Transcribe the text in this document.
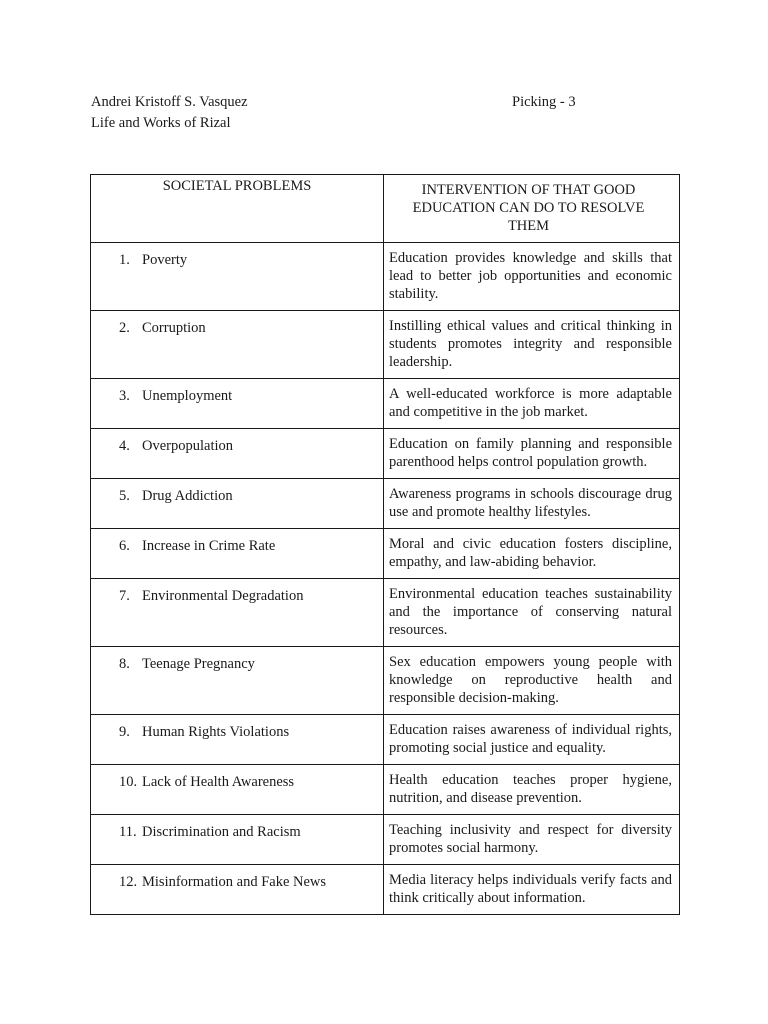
Andrei Kristoff S. Vasquez
Life and Works of Rizal
Picking - 3
SOCIETAL PROBLEMS	INTERVENTION OF THAT GOOD EDUCATION CAN DO TO RESOLVE THEM
1. Poverty	Education provides knowledge and skills that lead to better job opportunities and economic stability.
2. Corruption	Instilling ethical values and critical thinking in students promotes integrity and responsible leadership.
3. Unemployment	A well-educated workforce is more adaptable and competitive in the job market.
4. Overpopulation	Education on family planning and responsible parenthood helps control population growth.
5. Drug Addiction	Awareness programs in schools discourage drug use and promote healthy lifestyles.
6. Increase in Crime Rate	Moral and civic education fosters discipline, empathy, and law-abiding behavior.
7. Environmental Degradation	Environmental education teaches sustainability and the importance of conserving natural resources.
8. Teenage Pregnancy	Sex education empowers young people with knowledge on reproductive health and responsible decision-making.
9. Human Rights Violations	Education raises awareness of individual rights, promoting social justice and equality.
10. Lack of Health Awareness	Health education teaches proper hygiene, nutrition, and disease prevention.
11. Discrimination and Racism	Teaching inclusivity and respect for diversity promotes social harmony.
12. Misinformation and Fake News	Media literacy helps individuals verify facts and think critically about information.
